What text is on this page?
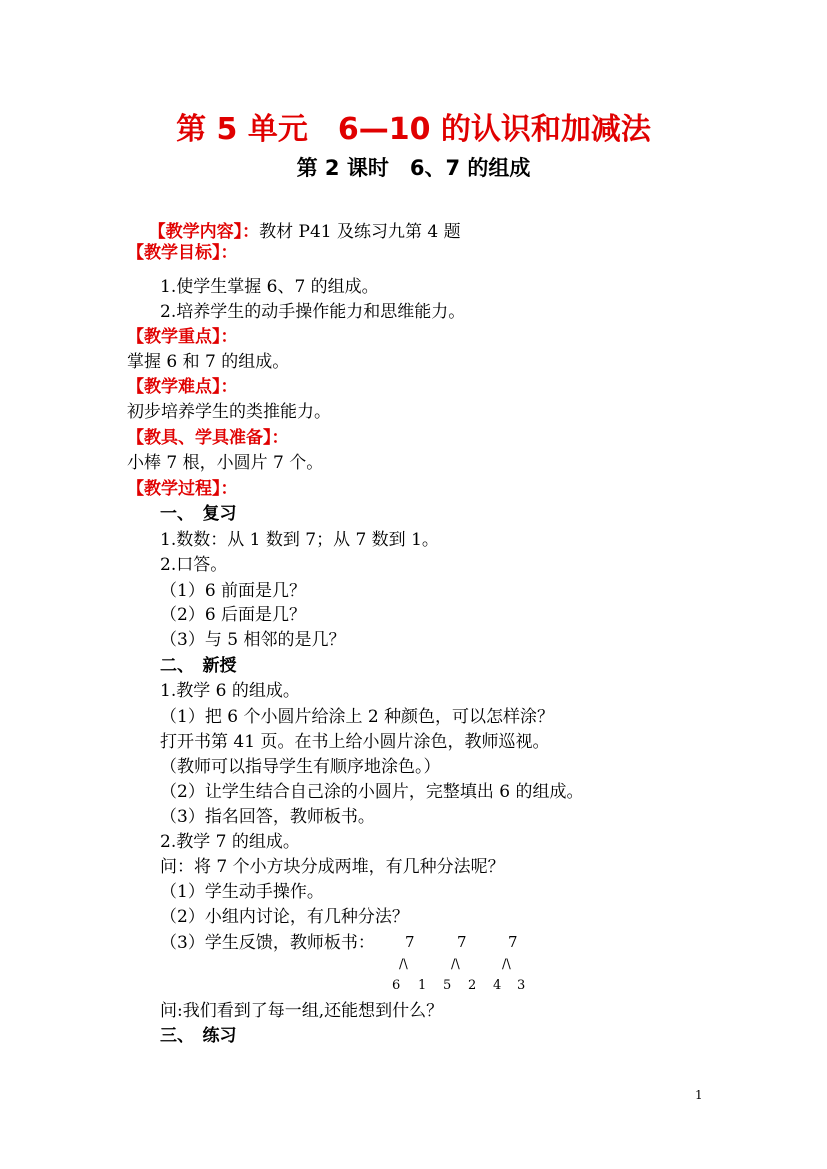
第 5 单元　6—10 的认识和加减法
第 2 课时　6、7 的组成

【教学内容】：教材 P41 及练习九第 4 题

【教学目标】：
1.使学生掌握 6、7 的组成。
2.培养学生的动手操作能力和思维能力。
【教学重点】：
掌握 6 和 7 的组成。
【教学难点】：
初步培养学生的类推能力。
【教具、学具准备】：
小棒 7 根，小圆片 7 个。
【教学过程】：
一、　复习
1.数数：从 1 数到 7；从 7 数到 1。
2.口答。
（1）6 前面是几？
（2）6 后面是几？
（3）与 5 相邻的是几？
二、　新授
1.教学 6 的组成。
（1）把 6 个小圆片给涂上 2 种颜色，可以怎样涂？
打开书第 41 页。在书上给小圆片涂色，教师巡视。
（教师可以指导学生有顺序地涂色。）
（2）让学生结合自己涂的小圆片，完整填出 6 的组成。
（3）指名回答，教师板书。
2.教学 7 的组成。
问：将 7 个小方块分成两堆，有几种分法呢？
（1）学生动手操作。
（2）小组内讨论，有几种分法？
（3）学生反馈，教师板书： 7	7	7
/\	/\	/\
6 1 5 2 4 3
问:我们看到了每一组,还能想到什么？
三、　练习
1
